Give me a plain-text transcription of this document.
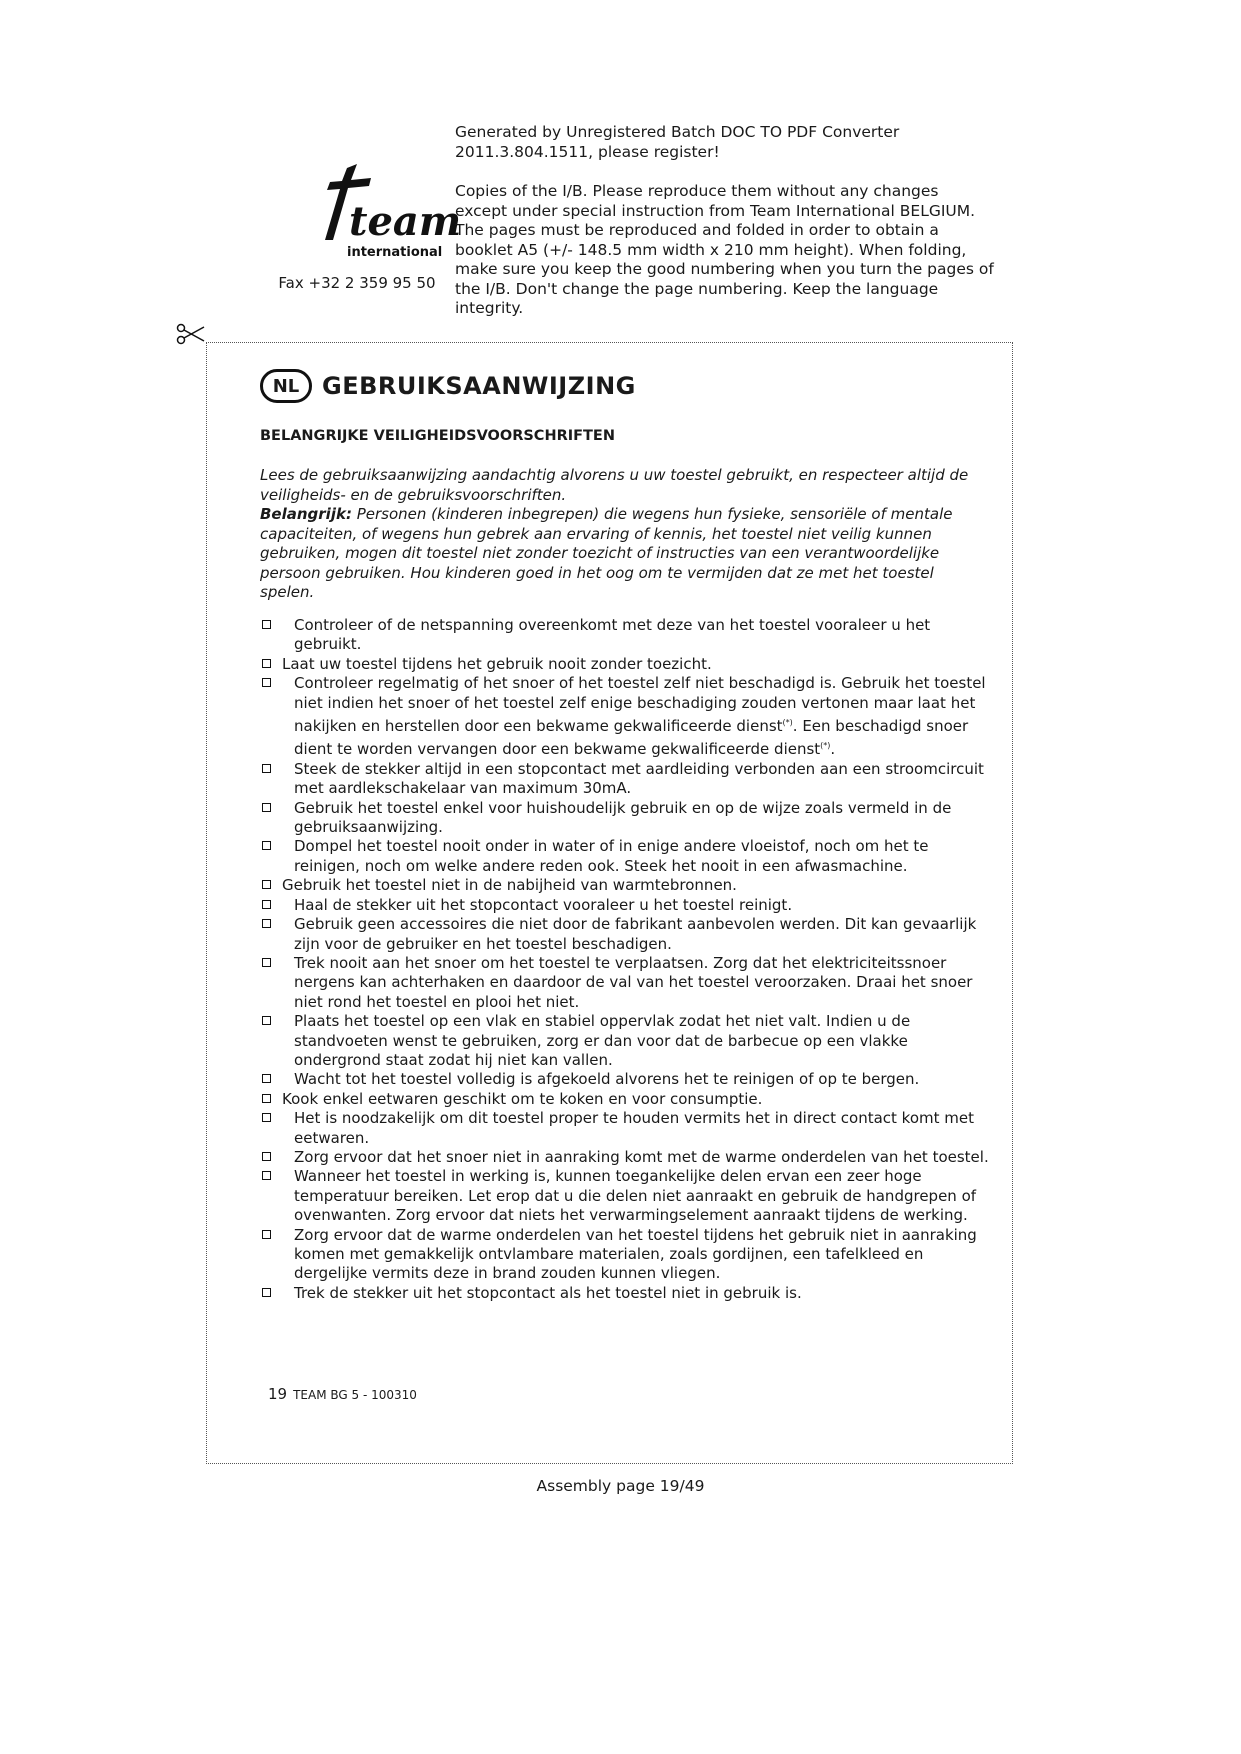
team
international
Fax +32 2 359 95 50

Generated by Unregistered Batch DOC TO PDF Converter

2011.3.804.1511, please register!

Copies of the I/B. Please reproduce them without any changes except under special instruction from Team International BELGIUM. The pages must be reproduced and folded in order to obtain a booklet A5 (+/- 148.5 mm width x 210 mm height). When folding, make sure you keep the good numbering when you turn the pages of the I/B. Don't change the page numbering. Keep the language integrity.

NL GEBRUIKSAANWIJZING
BELANGRIJKE VEILIGHEIDSVOORSCHRIFTEN

Lees de gebruiksaanwijzing aandachtig alvorens u uw toestel gebruikt, en respecteer altijd de veiligheids- en de gebruiksvoorschriften.

Belangrijk: Personen (kinderen inbegrepen) die wegens hun fysieke, sensoriële of mentale capaciteiten, of wegens hun gebrek aan ervaring of kennis, het toestel niet veilig kunnen gebruiken, mogen dit toestel niet zonder toezicht of instructies van een verantwoordelijke persoon gebruiken. Hou kinderen goed in het oog om te vermijden dat ze met het toestel spelen.

Controleer of de netspanning overeenkomt met deze van het toestel vooraleer u het gebruikt.
Laat uw toestel tijdens het gebruik nooit zonder toezicht.
Controleer regelmatig of het snoer of het toestel zelf niet beschadigd is. Gebruik het toestel niet indien het snoer of het toestel zelf enige beschadiging zouden vertonen maar laat het nakijken en herstellen door een bekwame gekwalificeerde dienst(*). Een beschadigd snoer dient te worden vervangen door een bekwame gekwalificeerde dienst(*).
Steek de stekker altijd in een stopcontact met aardleiding verbonden aan een stroomcircuit met aardlekschakelaar van maximum 30mA.
Gebruik het toestel enkel voor huishoudelijk gebruik en op de wijze zoals vermeld in de gebruiksaanwijzing.
Dompel het toestel nooit onder in water of in enige andere vloeistof, noch om het te reinigen, noch om welke andere reden ook. Steek het nooit in een afwasmachine.
Gebruik het toestel niet in de nabijheid van warmtebronnen.
Haal de stekker uit het stopcontact vooraleer u het toestel reinigt.
Gebruik geen accessoires die niet door de fabrikant aanbevolen werden. Dit kan gevaarlijk zijn voor de gebruiker en het toestel beschadigen.
Trek nooit aan het snoer om het toestel te verplaatsen. Zorg dat het elektriciteitssnoer nergens kan achterhaken en daardoor de val van het toestel veroorzaken. Draai het snoer niet rond het toestel en plooi het niet.
Plaats het toestel op een vlak en stabiel oppervlak zodat het niet valt. Indien u de standvoeten wenst te gebruiken, zorg er dan voor dat de barbecue op een vlakke ondergrond staat zodat hij niet kan vallen.
Wacht tot het toestel volledig is afgekoeld alvorens het te reinigen of op te bergen.
Kook enkel eetwaren geschikt om te koken en voor consumptie.
Het is noodzakelijk om dit toestel proper te houden vermits het in direct contact komt met eetwaren.
Zorg ervoor dat het snoer niet in aanraking komt met de warme onderdelen van het toestel.
Wanneer het toestel in werking is, kunnen toegankelijke delen ervan een zeer hoge temperatuur bereiken. Let erop dat u die delen niet aanraakt en gebruik de handgrepen of ovenwanten. Zorg ervoor dat niets het verwarmingselement aanraakt tijdens de werking.
Zorg ervoor dat de warme onderdelen van het toestel tijdens het gebruik niet in aanraking komen met gemakkelijk ontvlambare materialen, zoals gordijnen, een tafelkleed en dergelijke vermits deze in brand zouden kunnen vliegen.
Trek de stekker uit het stopcontact als het toestel niet in gebruik is.
19 TEAM BG 5 - 100310
Assembly page 19/49
